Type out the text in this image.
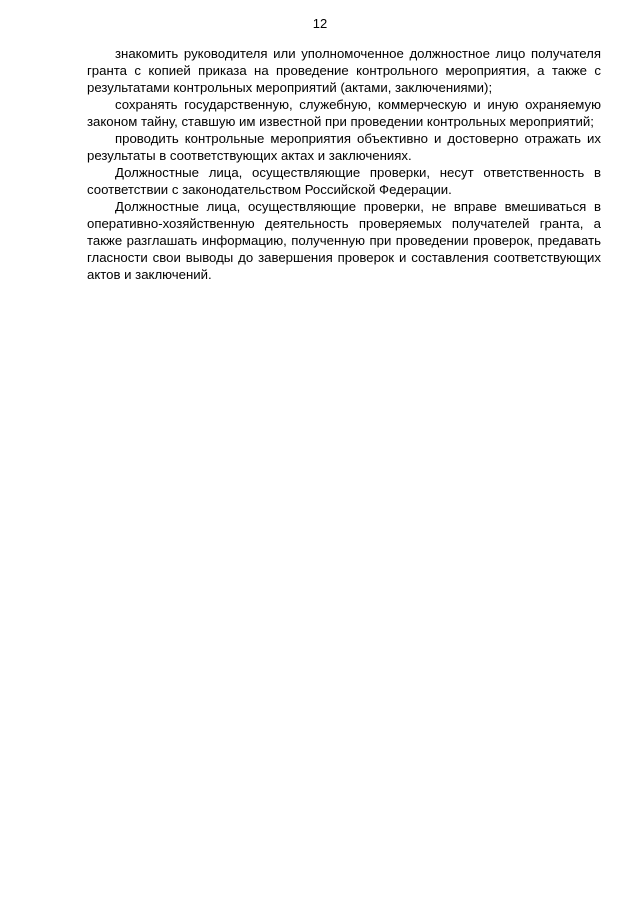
12

знакомить руководителя или уполномоченное должностное лицо получателя гранта с копией приказа на проведение контрольного мероприятия, а также с результатами контрольных мероприятий (актами, заключениями);

сохранять государственную, служебную, коммерческую и иную охраняемую законом тайну, ставшую им известной при проведении контрольных мероприятий;

проводить контрольные мероприятия объективно и достоверно отражать их результаты в соответствующих актах и заключениях.

Должностные лица, осуществляющие проверки, несут ответственность в соответствии с законодательством Российской Федерации.

Должностные лица, осуществляющие проверки, не вправе вмешиваться в оперативно-хозяйственную деятельность проверяемых получателей гранта, а также разглашать информацию, полученную при проведении проверок, предавать гласности свои выводы до завершения проверок и составления соответствующих актов и заключений.
